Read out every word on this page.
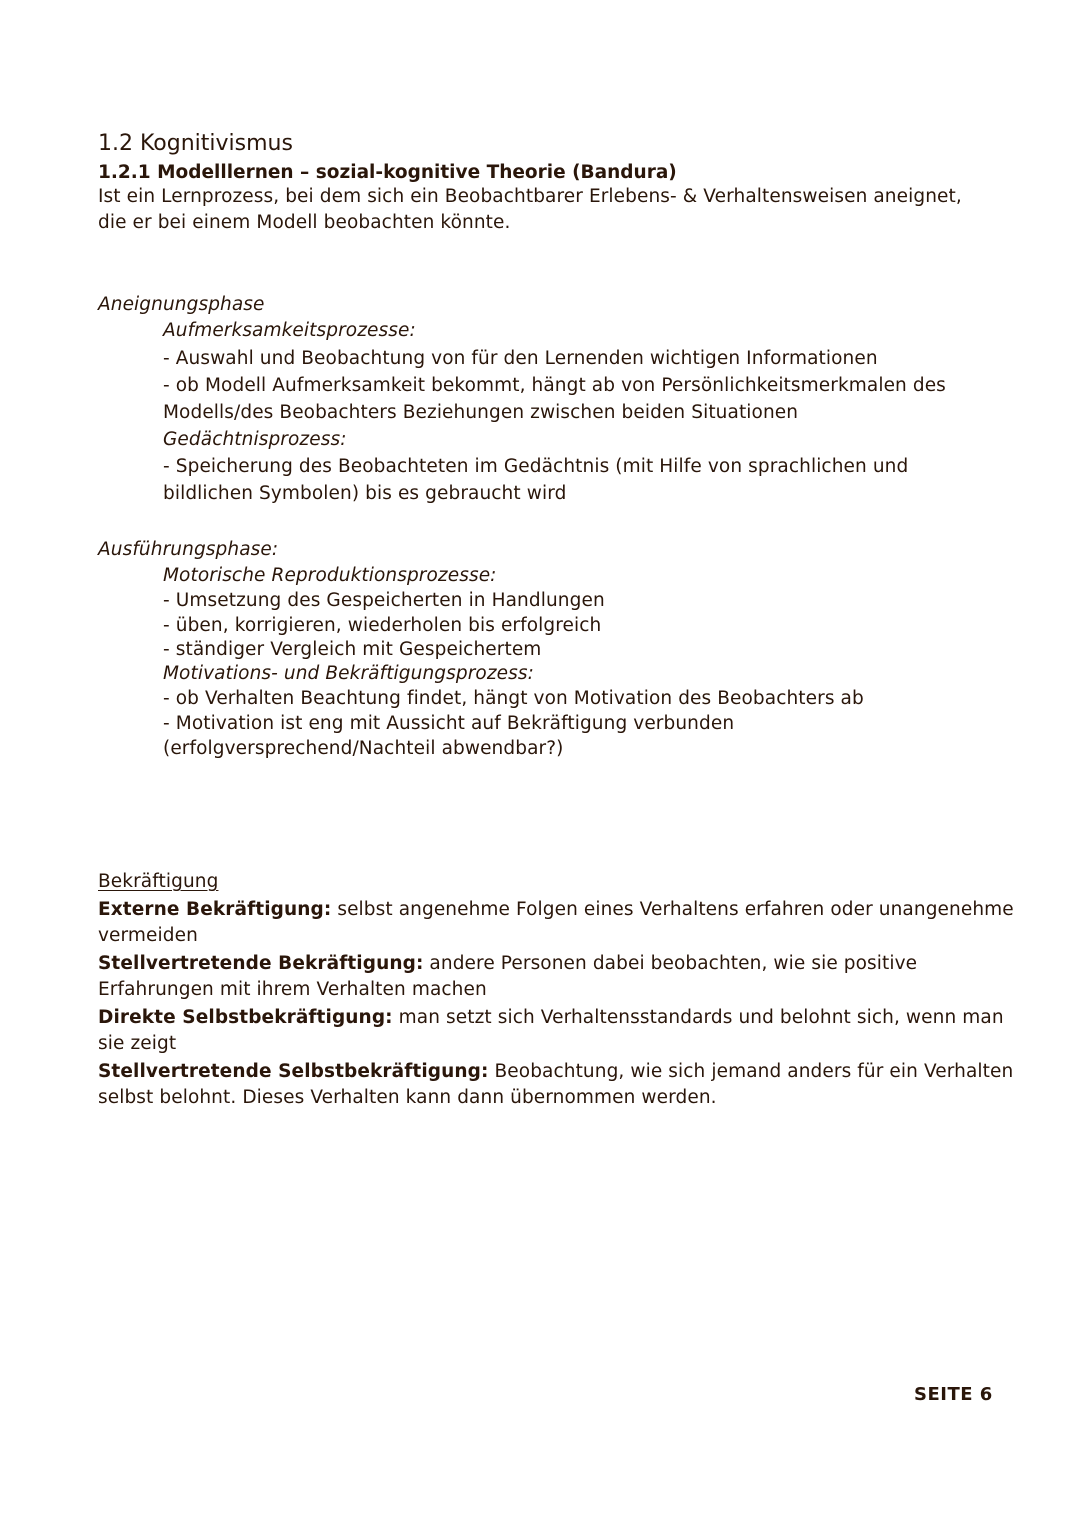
1.2 Kognitivismus
1.2.1 Modelllernen – sozial-kognitive Theorie (Bandura)
Ist ein Lernprozess, bei dem sich ein Beobachtbarer Erlebens- & Verhaltensweisen aneignet,
die er bei einem Modell beobachten könnte.
Aneignungsphase
Aufmerksamkeitsprozesse:
- Auswahl und Beobachtung von für den Lernenden wichtigen Informationen
- ob Modell Aufmerksamkeit bekommt, hängt ab von Persönlichkeitsmerkmalen des
Modells/des Beobachters Beziehungen zwischen beiden Situationen
Gedächtnisprozess:
- Speicherung des Beobachteten im Gedächtnis (mit Hilfe von sprachlichen und
bildlichen Symbolen) bis es gebraucht wird
Ausführungsphase:
Motorische Reproduktionsprozesse:
- Umsetzung des Gespeicherten in Handlungen
- üben, korrigieren, wiederholen bis erfolgreich
- ständiger Vergleich mit Gespeichertem
Motivations- und Bekräftigungsprozess:
- ob Verhalten Beachtung findet, hängt von Motivation des Beobachters ab
- Motivation ist eng mit Aussicht auf Bekräftigung verbunden
(erfolgversprechend/Nachteil abwendbar?)
Bekräftigung
Externe Bekräftigung: selbst angenehme Folgen eines Verhaltens erfahren oder unangenehme
vermeiden
Stellvertretende Bekräftigung: andere Personen dabei beobachten, wie sie positive
Erfahrungen mit ihrem Verhalten machen
Direkte Selbstbekräftigung: man setzt sich Verhaltensstandards und belohnt sich, wenn man
sie zeigt
Stellvertretende Selbstbekräftigung: Beobachtung, wie sich jemand anders für ein Verhalten
selbst belohnt. Dieses Verhalten kann dann übernommen werden.
SEITE 6
